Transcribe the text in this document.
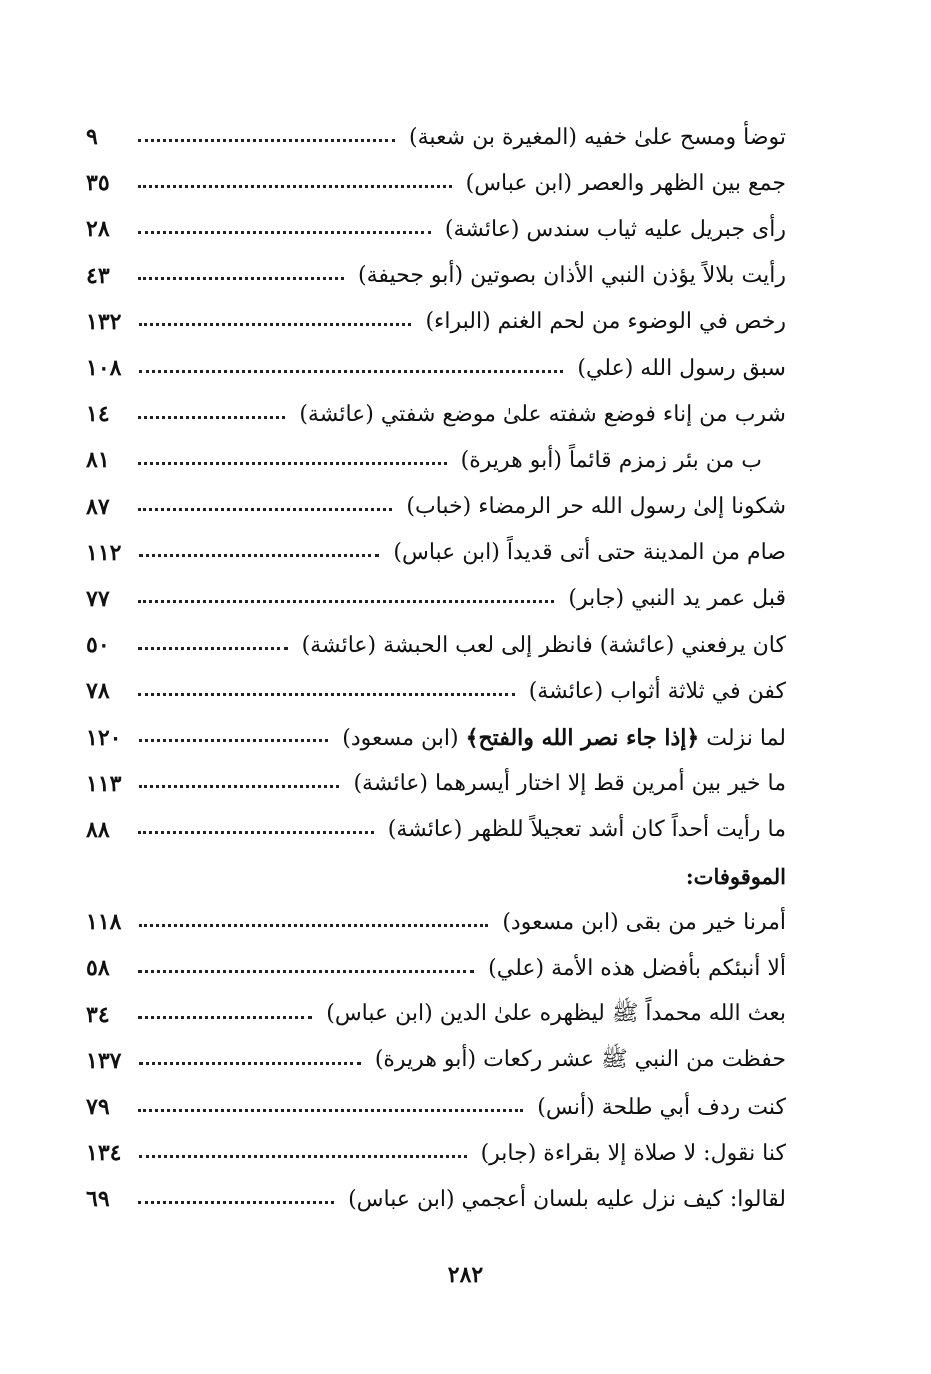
توضأ ومسح علىٰ خفيه (المغيرة بن شعبة)
٩
جمع بين الظهر والعصر (ابن عباس)
٣٥
رأى جبريل عليه ثياب سندس (عائشة)
٢٨
رأيت بلالاً يؤذن النبي الأذان بصوتين (أبو جحيفة)
٤٣
رخص في الوضوء من لحم الغنم (البراء)
١٣٢
سبق رسول الله (علي)
١٠٨
شرب من إناء فوضع شفته علىٰ موضع شفتي (عائشة)
١٤
ب من بئر زمزم قائماً (أبو هريرة)
٨١
شكونا إلىٰ رسول الله حر الرمضاء (خباب)
٨٧
صام من المدينة حتى أتى قديداً (ابن عباس)
١١٢
قبل عمر يد النبي (جابر)
٧٧
كان يرفعني (عائشة) فانظر إلى لعب الحبشة (عائشة)
٥٠
كفن في ثلاثة أثواب (عائشة)
٧٨
لما نزلت ﴿إذا جاء نصر الله والفتح﴾ (ابن مسعود)
١٢٠
ما خير بين أمرين قط إلا اختار أيسرهما (عائشة)
١١٣
ما رأيت أحداً كان أشد تعجيلاً للظهر (عائشة)
٨٨
الموقوفات:
أمرنا خير من بقى (ابن مسعود)
١١٨
ألا أنبئكم بأفضل هذه الأمة (علي)
٥٨
بعث الله محمداً ﷺ ليظهره علىٰ الدين (ابن عباس)
٣٤
حفظت من النبي ﷺ عشر ركعات (أبو هريرة)
١٣٧
كنت ردف أبي طلحة (أنس)
٧٩
كنا نقول: لا صلاة إلا بقراءة (جابر)
١٣٤
لقالوا: كيف نزل عليه بلسان أعجمي (ابن عباس)
٦٩
٢٨٢
